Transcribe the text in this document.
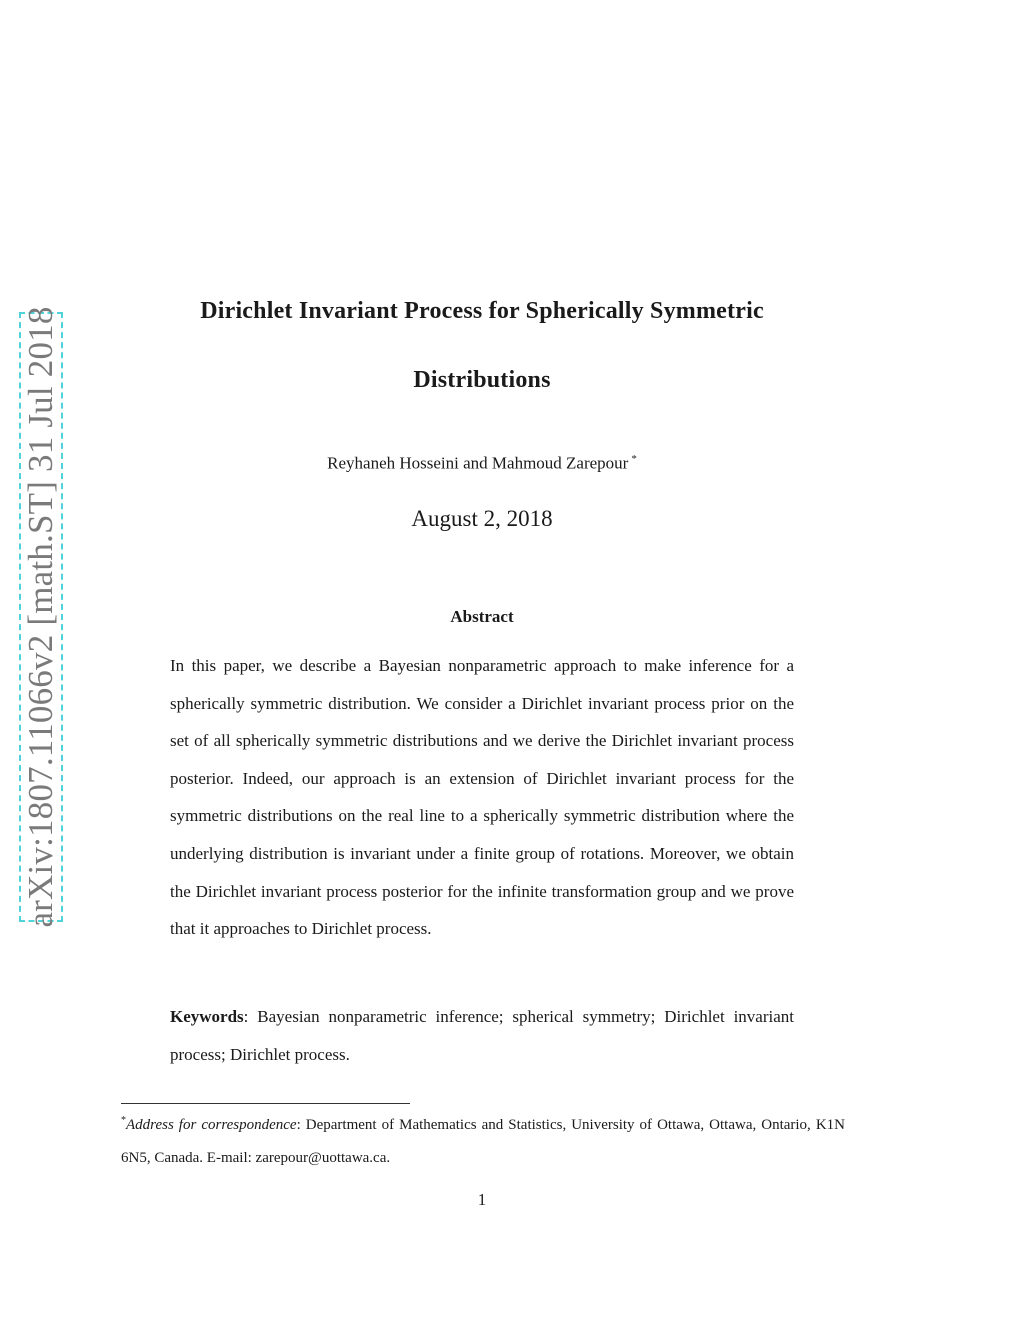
arXiv:1807.11066v2 [math.ST] 31 Jul 2018	Dirichlet Invariant Process for Spherically Symmetric
Distributions
Reyhaneh Hosseini and Mahmoud Zarepour *
August 2, 2018
Abstract
In this paper, we describe a Bayesian nonparametric approach to make inference for a spherically symmetric distribution. We consider a Dirichlet invariant process prior on the set of all spherically symmetric distributions and we derive the Dirichlet invariant process posterior. Indeed, our approach is an extension of Dirichlet invariant process for the symmetric distributions on the real line to a spherically symmetric distribution where the underlying distribution is invariant under a finite group of rotations. Moreover, we obtain the Dirichlet invariant process posterior for the infinite transformation group and we prove that it approaches to Dirichlet process.
Keywords: Bayesian nonparametric inference; spherical symmetry; Dirichlet invariant process; Dirichlet process.
*Address for correspondence: Department of Mathematics and Statistics, University of Ottawa, Ottawa, Ontario, K1N 6N5, Canada. E-mail: zarepour@uottawa.ca.
1
